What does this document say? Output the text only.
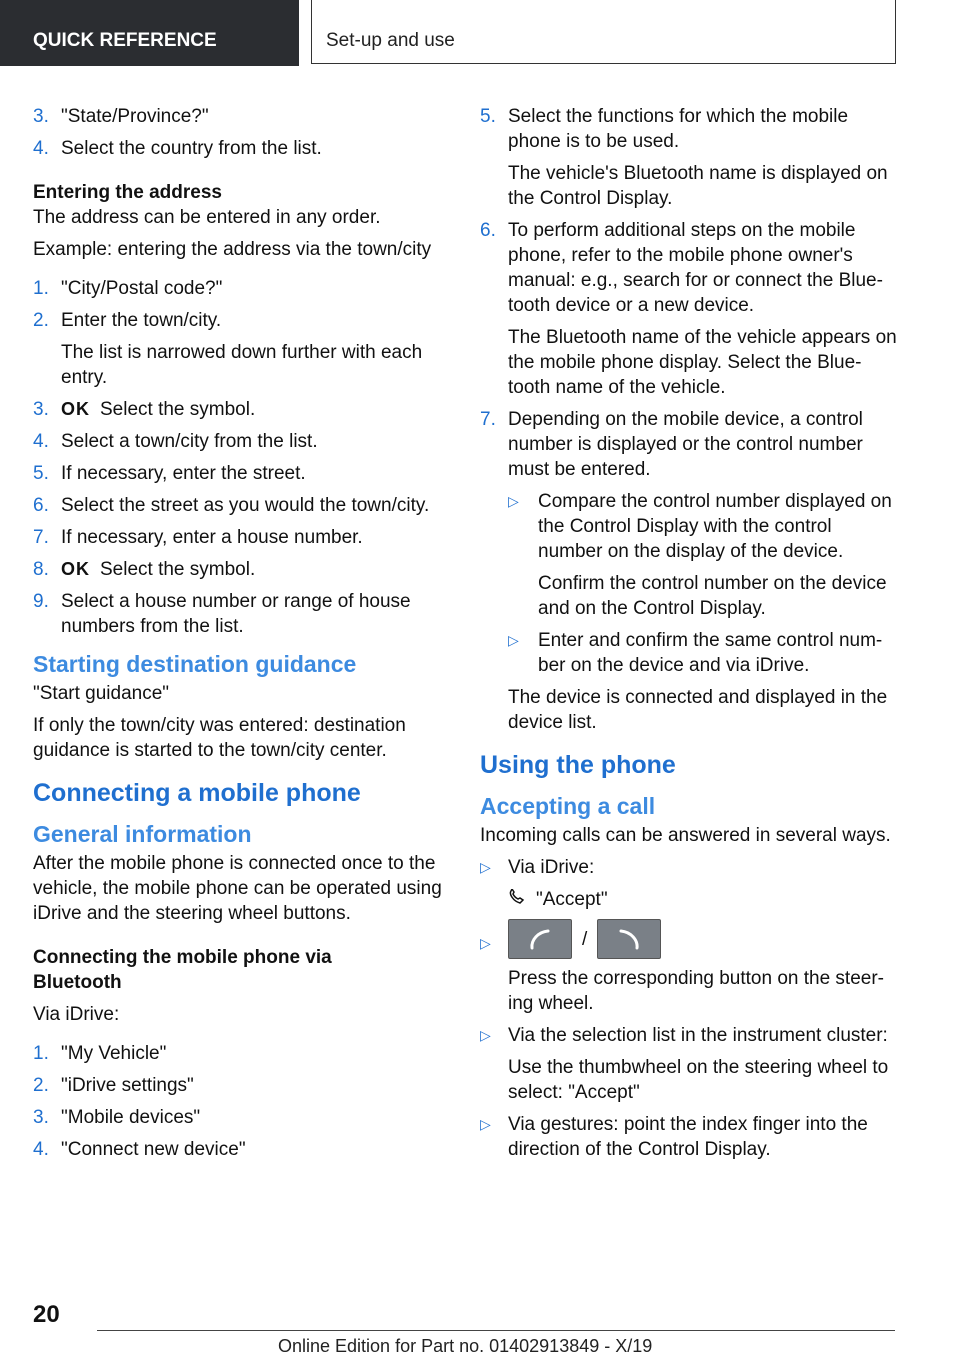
QUICK REFERENCE	Set-up and use
3. "State/Province?"
4. Select the country from the list.

Entering the address

The address can be entered in any order.

Example: entering the address via the town/city

1. "City/Postal code?"
2. Enter the town/city.
The list is narrowed down further with each entry.
3. OK Select the symbol.
4. Select a town/city from the list.
5. If necessary, enter the street.
6. Select the street as you would the town/city.
7. If necessary, enter a house number.
8. OK Select the symbol.
9. Select a house number or range of house numbers from the list.
Starting destination guidance

"Start guidance"

If only the town/city was entered: destination guidance is started to the town/city center.

Connecting a mobile phone
General information

After the mobile phone is connected once to the vehicle, the mobile phone can be operated using iDrive and the steering wheel buttons.

Connecting the mobile phone via Bluetooth

Via iDrive:

1. "My Vehicle"
2. "iDrive settings"
3. "Mobile devices"
4. "Connect new device"
5. Select the functions for which the mobile phone is to be used.
The vehicle's Bluetooth name is displayed on the Control Display.
6. To perform additional steps on the mobile phone, refer to the mobile phone owner's manual: e.g., search for or connect the Blue-tooth device or a new device.
The Bluetooth name of the vehicle appears on the mobile phone display. Select the Blue-tooth name of the vehicle.
7. Depending on the mobile device, a control number is displayed or the control number must be entered.
▷ Compare the control number displayed on the Control Display with the control number on the display of the device.
Confirm the control number on the device and on the Control Display.
▷ Enter and confirm the same control num-ber on the device and via iDrive.
The device is connected and displayed in the device list.
Using the phone
Accepting a call

Incoming calls can be answered in several ways.

▷ Via iDrive:
"Accept"
▷	/
Press the corresponding button on the steer-ing wheel.
▷ Via the selection list in the instrument cluster:
Use the thumbwheel on the steering wheel to select: "Accept"
▷ Via gestures: point the index finger into the direction of the Control Display.
20
Online Edition for Part no. 01402913849 - X/19
